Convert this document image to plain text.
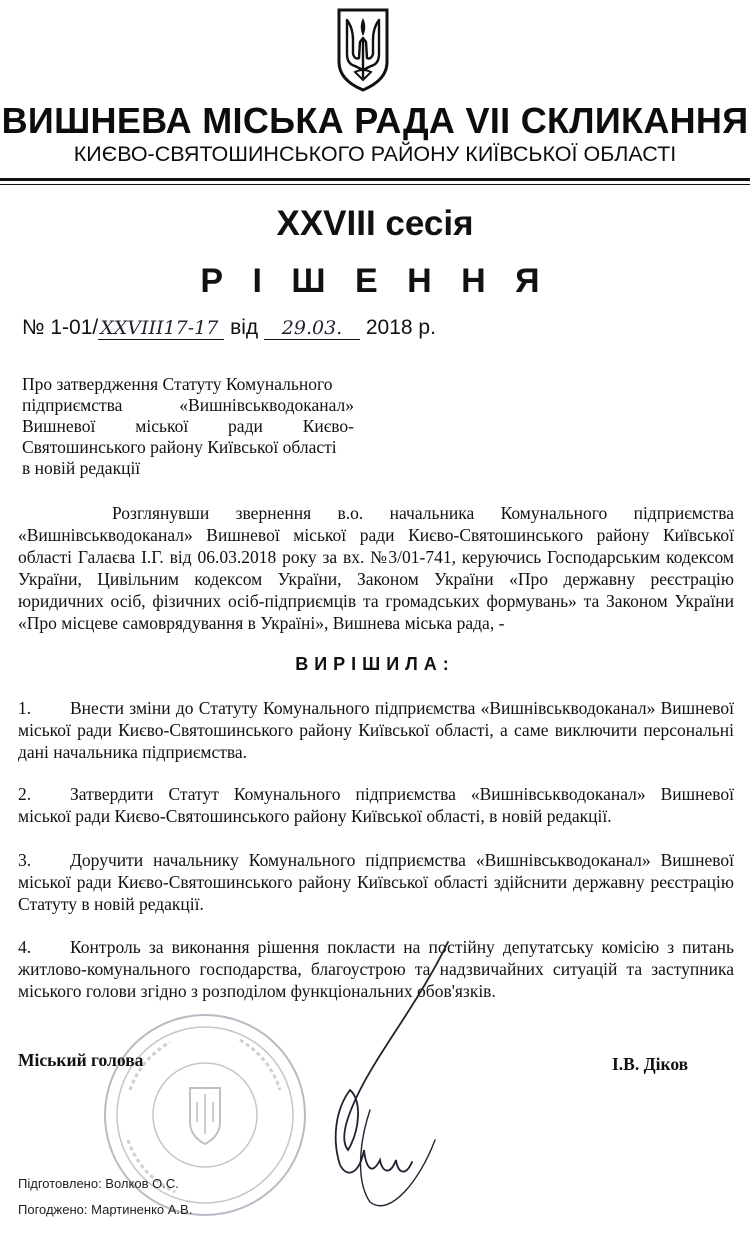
ВИШНЕВА МІСЬКА РАДА VII СКЛИКАННЯ
КИЄВО-СВЯТОШИНСЬКОГО РАЙОНУ КИЇВСЬКОЇ ОБЛАСТІ
XXVIII сесія
Р І Ш Е Н Н Я
№ 1-01/ XXVIII17-17 від 29.03. 2018 р.

Про затвердження Статуту Комунального

підприємства	«Вишнівськводоканал»

Вишневої міської ради Києво-

Святошинського району Київської області

в новій редакції

Розглянувши звернення в.о. начальника Комунального підприємства «Вишнівськводоканал» Вишневої міської ради Києво-Святошинського району Київської області Галаєва І.Г. від 06.03.2018 року за вх. №3/01-741, керуючись Господарським кодексом України, Цивільним кодексом України, Законом України «Про державну реєстрацію юридичних осіб, фізичних осіб-підприємців та громадських формувань» та Законом України «Про місцеве самоврядування в Україні», Вишнева міська рада, -

ВИРІШИЛА:

1. Внести зміни до Статуту Комунального підприємства «Вишнівськводоканал» Вишневої міської ради Києво-Святошинського району Київської області, а саме виключити персональні дані начальника підприємства.

2. Затвердити Статут Комунального підприємства «Вишнівськводоканал» Вишневої міської ради Києво-Святошинського району Київської області, в новій редакції.

3. Доручити начальнику Комунального підприємства «Вишнівськводоканал» Вишневої міської ради Києво-Святошинського району Київської області здійснити державну реєстрацію Статуту в новій редакції.

4. Контроль за виконання рішення покласти на постійну депутатську комісію з питань житлово-комунального господарства, благоустрою та надзвичайних ситуацій та заступника міського голови згідно з розподілом функціональних обов'язків.

Міський голова	І.В. Діков
Підготовлено: Волков О.С.
Погоджено: Мартиненко А.В.
